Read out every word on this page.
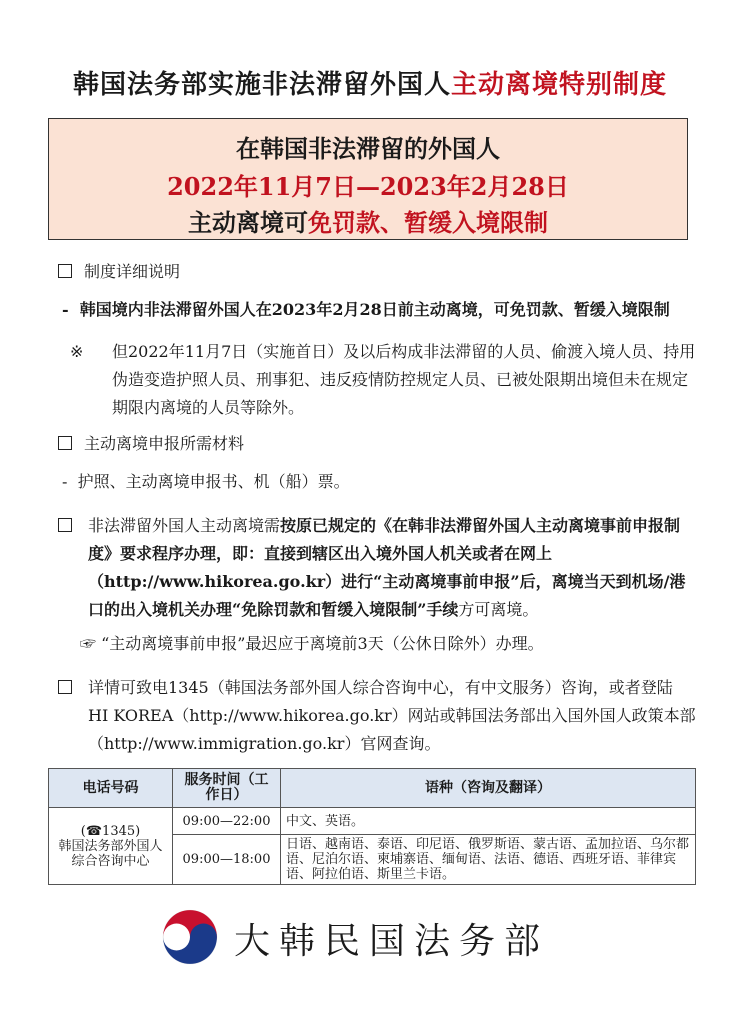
韩国法务部实施非法滞留外国人主动离境特别制度
在韩国非法滞留的外国人
2022年11月7日—2023年2月28日
主动离境可免罚款、暂缓入境限制
制度详细说明
- 韩国境内非法滞留外国人在2023年2月28日前主动离境，可免罚款、暂缓入境限制
※ 但2022年11月7日（实施首日）及以后构成非法滞留的人员、偷渡入境人员、持用伪造变造护照人员、刑事犯、违反疫情防控规定人员、已被处限期出境但未在规定期限内离境的人员等除外。
主动离境申报所需材料
- 护照、主动离境申报书、机（船）票。
非法滞留外国人主动离境需按原已规定的《在韩非法滞留外国人主动离境事前申报制度》要求程序办理，即：直接到辖区出入境外国人机关或者在网上（http://www.hikorea.go.kr）进行“主动离境事前申报”后，离境当天到机场/港口的出入境机关办理“免除罚款和暂缓入境限制”手续方可离境。
☞ “主动离境事前申报”最迟应于离境前3天（公休日除外）办理。
详情可致电1345（韩国法务部外国人综合咨询中心，有中文服务）咨询，或者登陆 HI KOREA（http://www.hikorea.go.kr）网站或韩国法务部出入国外国人政策本部（http://www.immigration.go.kr）官网查询。
电话号码	服务时间（工作日）	语种（咨询及翻译）

(☎1345)
韩国法务部外国人综合咨询中心	09:00—22:00	中文、英语。
	09:00—18:00	日语、越南语、泰语、印尼语、俄罗斯语、蒙古语、孟加拉语、乌尔都语、尼泊尔语、柬埔寨语、缅甸语、法语、德语、西班牙语、菲律宾语、阿拉伯语、斯里兰卡语。
大韩民国法务部
